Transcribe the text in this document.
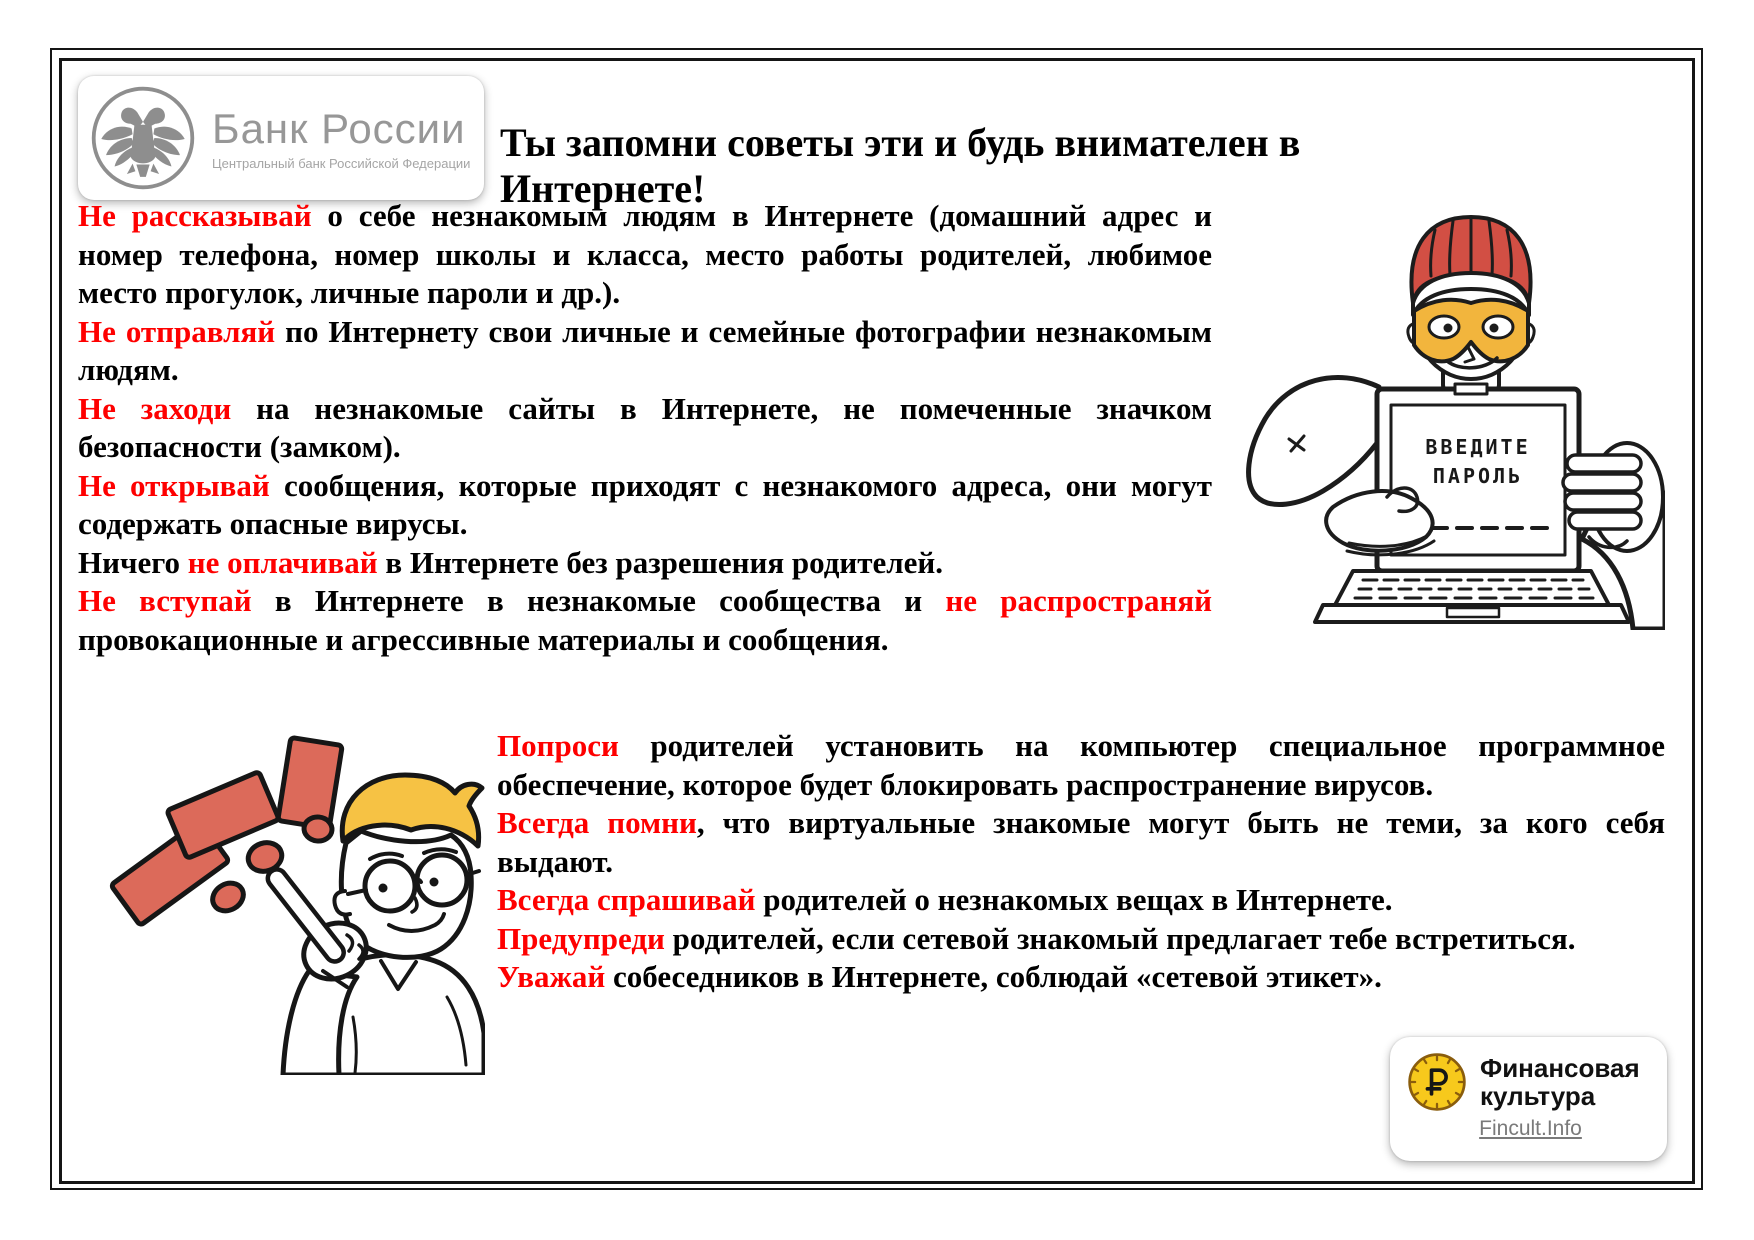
Банк России
Центральный банк Российской Федерации Ты запомни советы эти и будь внимателен в Интернете!

Не рассказывай о себе незнакомым людям в Интернете (домашний адрес и номер телефона, номер школы и класса, место работы родителей, любимое место прогулок, личные пароли и др.).

Не отправляй по Интернету свои личные и семейные фотографии незнакомым людям.

Не заходи на незнакомые сайты в Интернете, не помеченные значком безопасности (замком).

Не открывай сообщения, которые приходят с незнакомого адреса, они могут содержать опасные вирусы.

Ничего не оплачивай в Интернете без разрешения родителей.

Не вступай в Интернете в незнакомые сообщества и не распространяй провокационные и агрессивные материалы и сообщения.

Попроси родителей установить на компьютер специальное программное обеспечение, которое будет блокировать распространение вирусов.

Всегда помни, что виртуальные знакомые могут быть не теми, за кого себя выдают.

Всегда спрашивай родителей о незнакомых вещах в Интернете.

Предупреди родителей, если сетевой знакомый предлагает тебе встретиться.

Уважай собеседников в Интернете, соблюдай «сетевой этикет».

ВВЕДИТЕ
ПАРОЛЬ
Финансовая
культура
Fincult.Info
